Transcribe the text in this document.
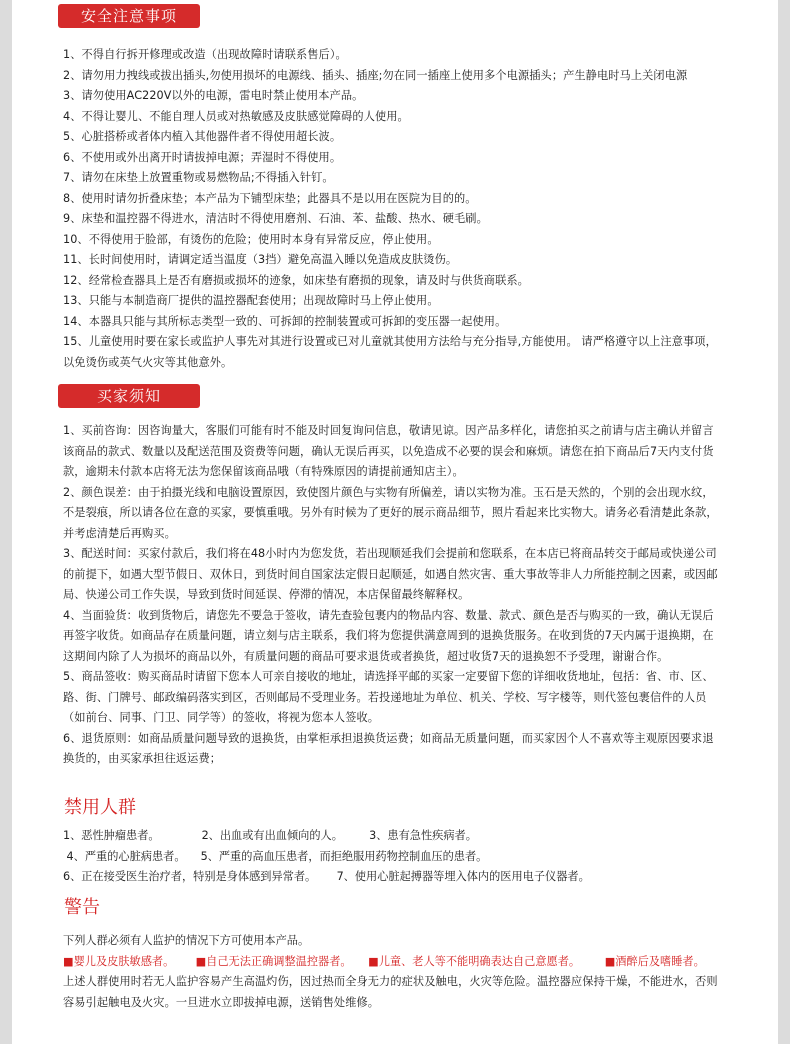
安全注意事项
1、不得自行拆开修理或改造（出现故障时请联系售后）。
2、请勿用力拽线或拔出插头,勿使用损坏的电源线、插头、插座;勿在同一插座上使用多个电源插头；产生静电时马上关闭电源
3、请勿使用AC220V以外的电源，雷电时禁止使用本产品。
4、不得让婴儿、不能自理人员或对热敏感及皮肤感觉障碍的人使用。
5、心脏搭桥或者体内植入其他器件者不得使用超长波。
6、不使用或外出离开时请拔掉电源；弄湿时不得使用。
7、请勿在床垫上放置重物或易燃物品;不得插入针钉。
8、使用时请勿折叠床垫；本产品为下铺型床垫；此器具不是以用在医院为目的的。
9、床垫和温控器不得进水，清洁时不得使用磨剂、石油、苯、盐酸、热水、硬毛刷。
10、不得使用于脸部，有烫伤的危险；使用时本身有异常反应，停止使用。
11、长时间使用时，请调定适当温度（3挡）避免高温入睡以免造成皮肤烫伤。
12、经常检查器具上是否有磨损或损坏的迹象，如床垫有磨损的现象，请及时与供货商联系。
13、只能与本制造商厂提供的温控器配套使用；出现故障时马上停止使用。
14、本器具只能与其所标志类型一致的、可拆卸的控制装置或可拆卸的变压器一起使用。
15、儿童使用时要在家长或监护人事先对其进行设置或已对儿童就其使用方法给与充分指导,方能使用。 请严格遵守以上注意事项，以免烫伤或英气火灾等其他意外。
买家须知
1、买前咨询：因咨询量大，客服们可能有时不能及时回复询问信息，敬请见谅。因产品多样化，请您拍买之前请与店主确认并留言该商品的款式、数量以及配送范围及资费等问题，确认无误后再买，以免造成不必要的误会和麻烦。请您在拍下商品后7天内支付货款，逾期未付款本店将无法为您保留该商品哦（有特殊原因的请提前通知店主）。
2、颜色误差：由于拍摄光线和电脑设置原因，致使图片颜色与实物有所偏差，请以实物为准。玉石是天然的，个别的会出现水纹，不是裂痕，所以请各位在意的买家，要慎重哦。另外有时候为了更好的展示商品细节，照片看起来比实物大。请务必看清楚此条款，并考虑清楚后再购买。
3、配送时间：买家付款后，我们将在48小时内为您发货，若出现顺延我们会提前和您联系，在本店已将商品转交于邮局或快递公司的前提下，如遇大型节假日、双休日，到货时间自国家法定假日起顺延，如遇自然灾害、重大事故等非人力所能控制之因素，或因邮局、快递公司工作失误，导致到货时间延误、停滞的情况，本店保留最终解释权。
4、当面验货：收到货物后，请您先不要急于签收，请先查验包裹内的物品内容、数量、款式、颜色是否与购买的一致，确认无误后再签字收货。如商品存在质量问题，请立刻与店主联系，我们将为您提供满意周到的退换货服务。在收到货的7天内属于退换期，在这期间内除了人为损坏的商品以外，有质量问题的商品可要求退货或者换货，超过收货7天的退换恕不予受理，谢谢合作。
5、商品签收：购买商品时请留下您本人可亲自接收的地址，请选择平邮的买家一定要留下您的详细收货地址，包括：省、市、区、路、街、门牌号、邮政编码落实到区，否则邮局不受理业务。若投递地址为单位、机关、学校、写字楼等，则代签包裹信件的人员（如前台、同事、门卫、同学等）的签收，将视为您本人签收。
6、退货原则：如商品质量问题导致的退换货，由掌柜承担退换货运费；如商品无质量问题，而买家因个人不喜欢等主观原因要求退换货的，由买家承担往返运费；
禁用人群
1、恶性肿瘤患者。	2、出血或有出血倾向的人。 3、患有急性疾病者。
4、严重的心脏病患者。 5、严重的高血压患者，而拒绝服用药物控制血压的患者。
6、正在接受医生治疗者，特别是身体感到异常者。 7、使用心脏起搏器等埋入体内的医用电子仪器者。
警告
下列人群必须有人监护的情况下方可使用本产品。
■婴儿及皮肤敏感者。 ■自己无法正确调整温控器者。 ■儿童、老人等不能明确表达自己意愿者。 ■酒醉后及嗜睡者。
上述人群使用时若无人监护容易产生高温灼伤，因过热而全身无力的症状及触电，火灾等危险。温控器应保持干燥，不能进水，否则容易引起触电及火灾。一旦进水立即拔掉电源，送销售处维修。
